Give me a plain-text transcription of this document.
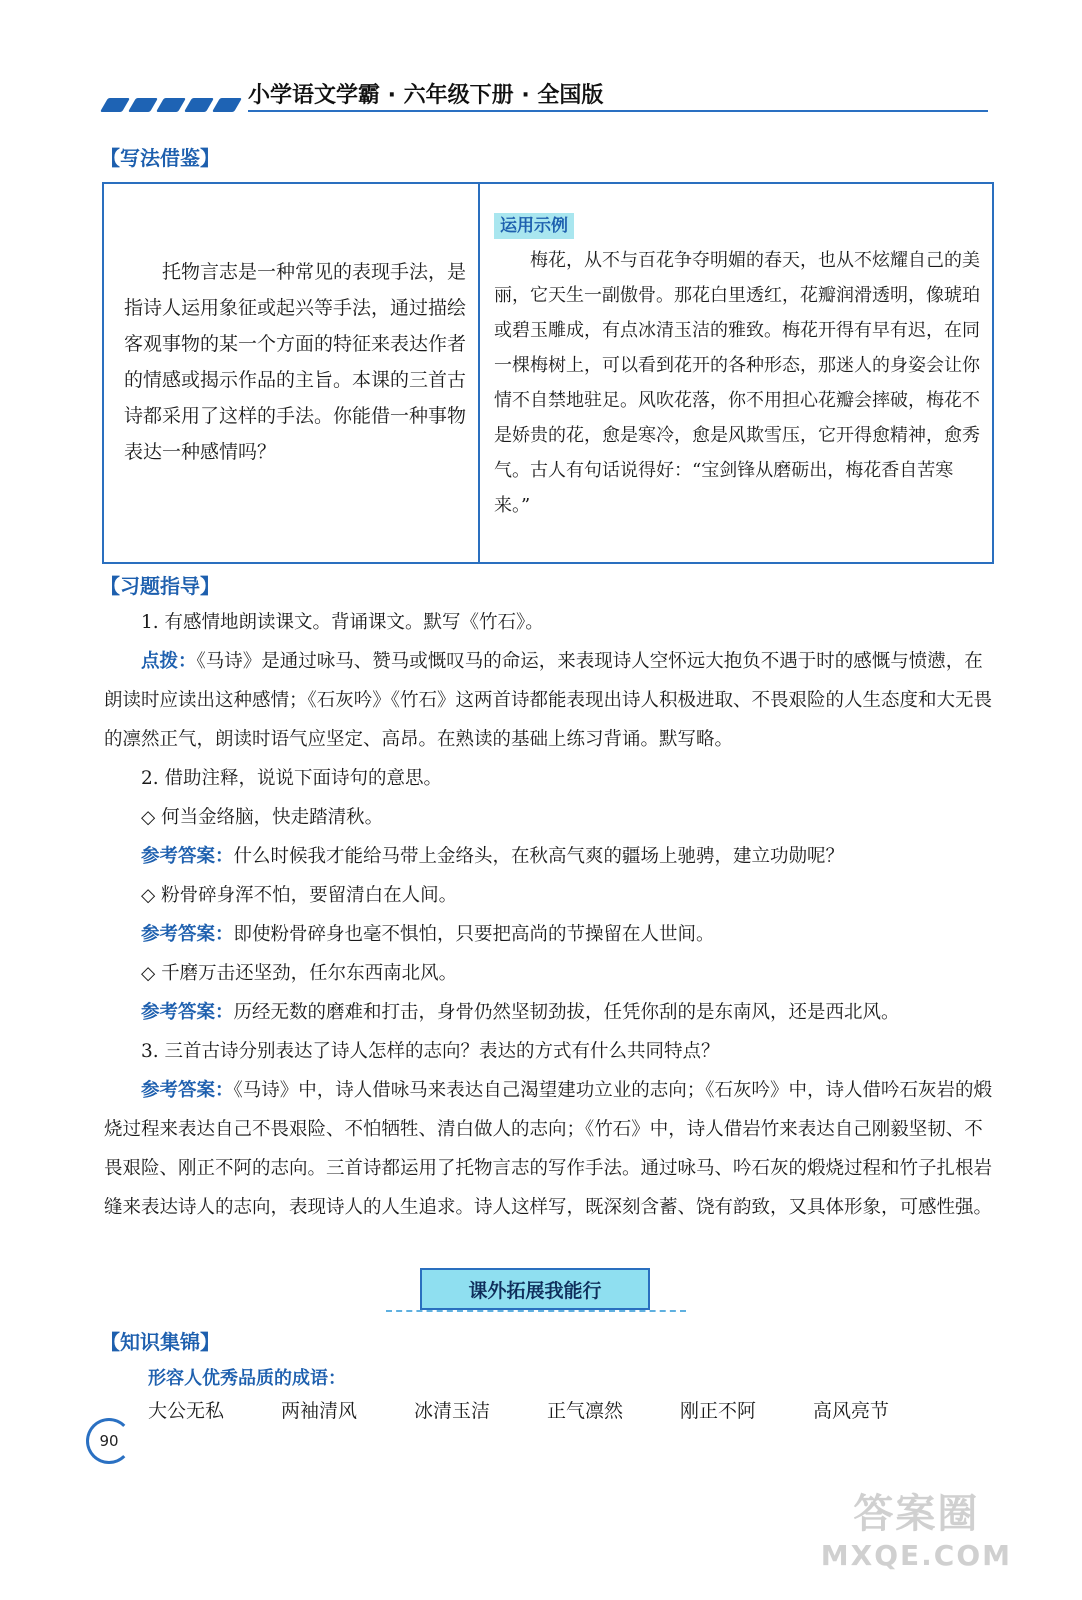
小学语文学霸 · 六年级下册 · 全国版
【写法借鉴】

托物言志是一种常见的表现手法，是指诗人运用象征或起兴等手法，通过描绘客观事物的某一个方面的特征来表达作者的情感或揭示作品的主旨。本课的三首古诗都采用了这样的手法。你能借一种事物表达一种感情吗？

运用示例

梅花，从不与百花争夺明媚的春天，也从不炫耀自己的美丽，它天生一副傲骨。那花白里透红，花瓣润滑透明，像琥珀或碧玉雕成，有点冰清玉洁的雅致。梅花开得有早有迟，在同一棵梅树上，可以看到花开的各种形态，那迷人的身姿会让你情不自禁地驻足。风吹花落，你不用担心花瓣会摔破，梅花不是娇贵的花，愈是寒冷，愈是风欺雪压，它开得愈精神，愈秀气。古人有句话说得好：“宝剑锋从磨砺出，梅花香自苦寒来。”

【习题指导】

1. 有感情地朗读课文。背诵课文。默写《竹石》。

点拨：《马诗》是通过咏马、赞马或慨叹马的命运，来表现诗人空怀远大抱负不遇于时的感慨与愤懑，在朗读时应读出这种感情；《石灰吟》《竹石》这两首诗都能表现出诗人积极进取、不畏艰险的人生态度和大无畏的凛然正气，朗读时语气应坚定、高昂。在熟读的基础上练习背诵。默写略。

2. 借助注释，说说下面诗句的意思。

◇ 何当金络脑，快走踏清秋。

参考答案：什么时候我才能给马带上金络头，在秋高气爽的疆场上驰骋，建立功勋呢？

◇ 粉骨碎身浑不怕，要留清白在人间。

参考答案：即使粉骨碎身也毫不惧怕，只要把高尚的节操留在人世间。

◇ 千磨万击还坚劲，任尔东西南北风。

参考答案：历经无数的磨难和打击，身骨仍然坚韧劲拔，任凭你刮的是东南风，还是西北风。

3. 三首古诗分别表达了诗人怎样的志向？表达的方式有什么共同特点？

参考答案：《马诗》中，诗人借咏马来表达自己渴望建功立业的志向；《石灰吟》中，诗人借吟石灰岩的煅烧过程来表达自己不畏艰险、不怕牺牲、清白做人的志向；《竹石》中，诗人借岩竹来表达自己刚毅坚韧、不畏艰险、刚正不阿的志向。三首诗都运用了托物言志的写作手法。通过咏马、吟石灰的煅烧过程和竹子扎根岩缝来表达诗人的志向，表现诗人的人生追求。诗人这样写，既深刻含蓄、饶有韵致，又具体形象，可感性强。

课外拓展我能行
【知识集锦】
形容人优秀品质的成语：
大公无私	两袖清风	冰清玉洁	正气凛然	刚正不阿	高风亮节
90
答案圈
MXQE.COM
